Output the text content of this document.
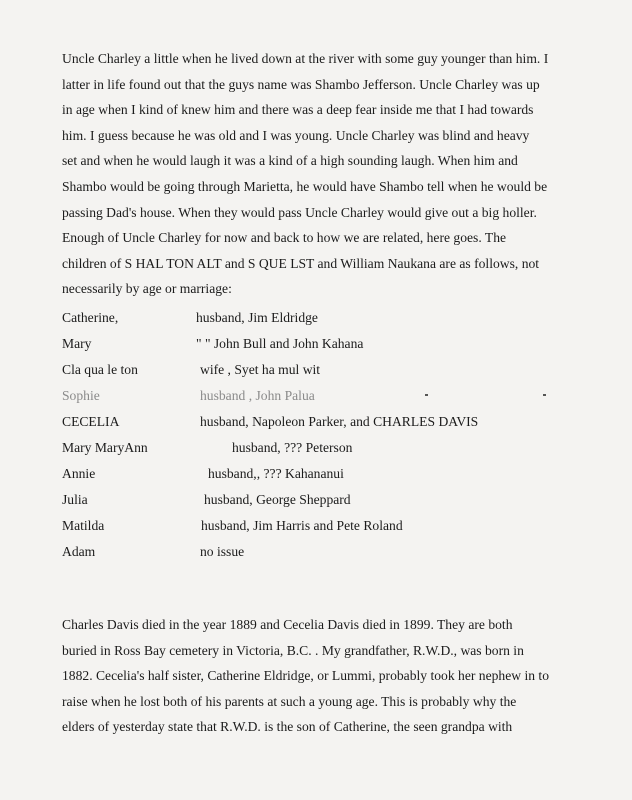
Uncle Charley a little when he lived down at the river with some guy younger than him. I
latter in life found out that the guys name was Shambo Jefferson. Uncle Charley was up
in age when I kind of knew him and there was a deep fear inside me that I had towards
him. I guess because he was old and I was young. Uncle Charley was blind and heavy
set and when he would laugh it was a kind of a high sounding laugh. When him and
Shambo would be going through Marietta, he would have Shambo tell when he would be
passing Dad's house. When they would pass Uncle Charley would give out a big holler.
Enough of Uncle Charley for now and back to how we are related, here goes. The
children of S HAL TON ALT and S QUE LST and William Naukana are as follows, not
necessarily by age or marriage:
Catherine,	husband, Jim Eldridge
Mary	" " John Bull and John Kahana
Cla qua le ton	wife , Syet ha mul wit
Sophie	husband , John Palua
CECELIA	husband, Napoleon Parker, and CHARLES DAVIS
Mary MaryAnn	husband, ??? Peterson
Annie	husband,, ??? Kahananui
Julia	husband, George Sheppard
Matilda	husband, Jim Harris and Pete Roland
Adam	no issue
Charles Davis died in the year 1889 and Cecelia Davis died in 1899. They are both
buried in Ross Bay cemetery in Victoria, B.C. . My grandfather, R.W.D., was born in
1882. Cecelia's half sister, Catherine Eldridge, or Lummi, probably took her nephew in to
raise when he lost both of his parents at such a young age. This is probably why the
elders of yesterday state that R.W.D. is the son of Catherine, the seen grandpa with
